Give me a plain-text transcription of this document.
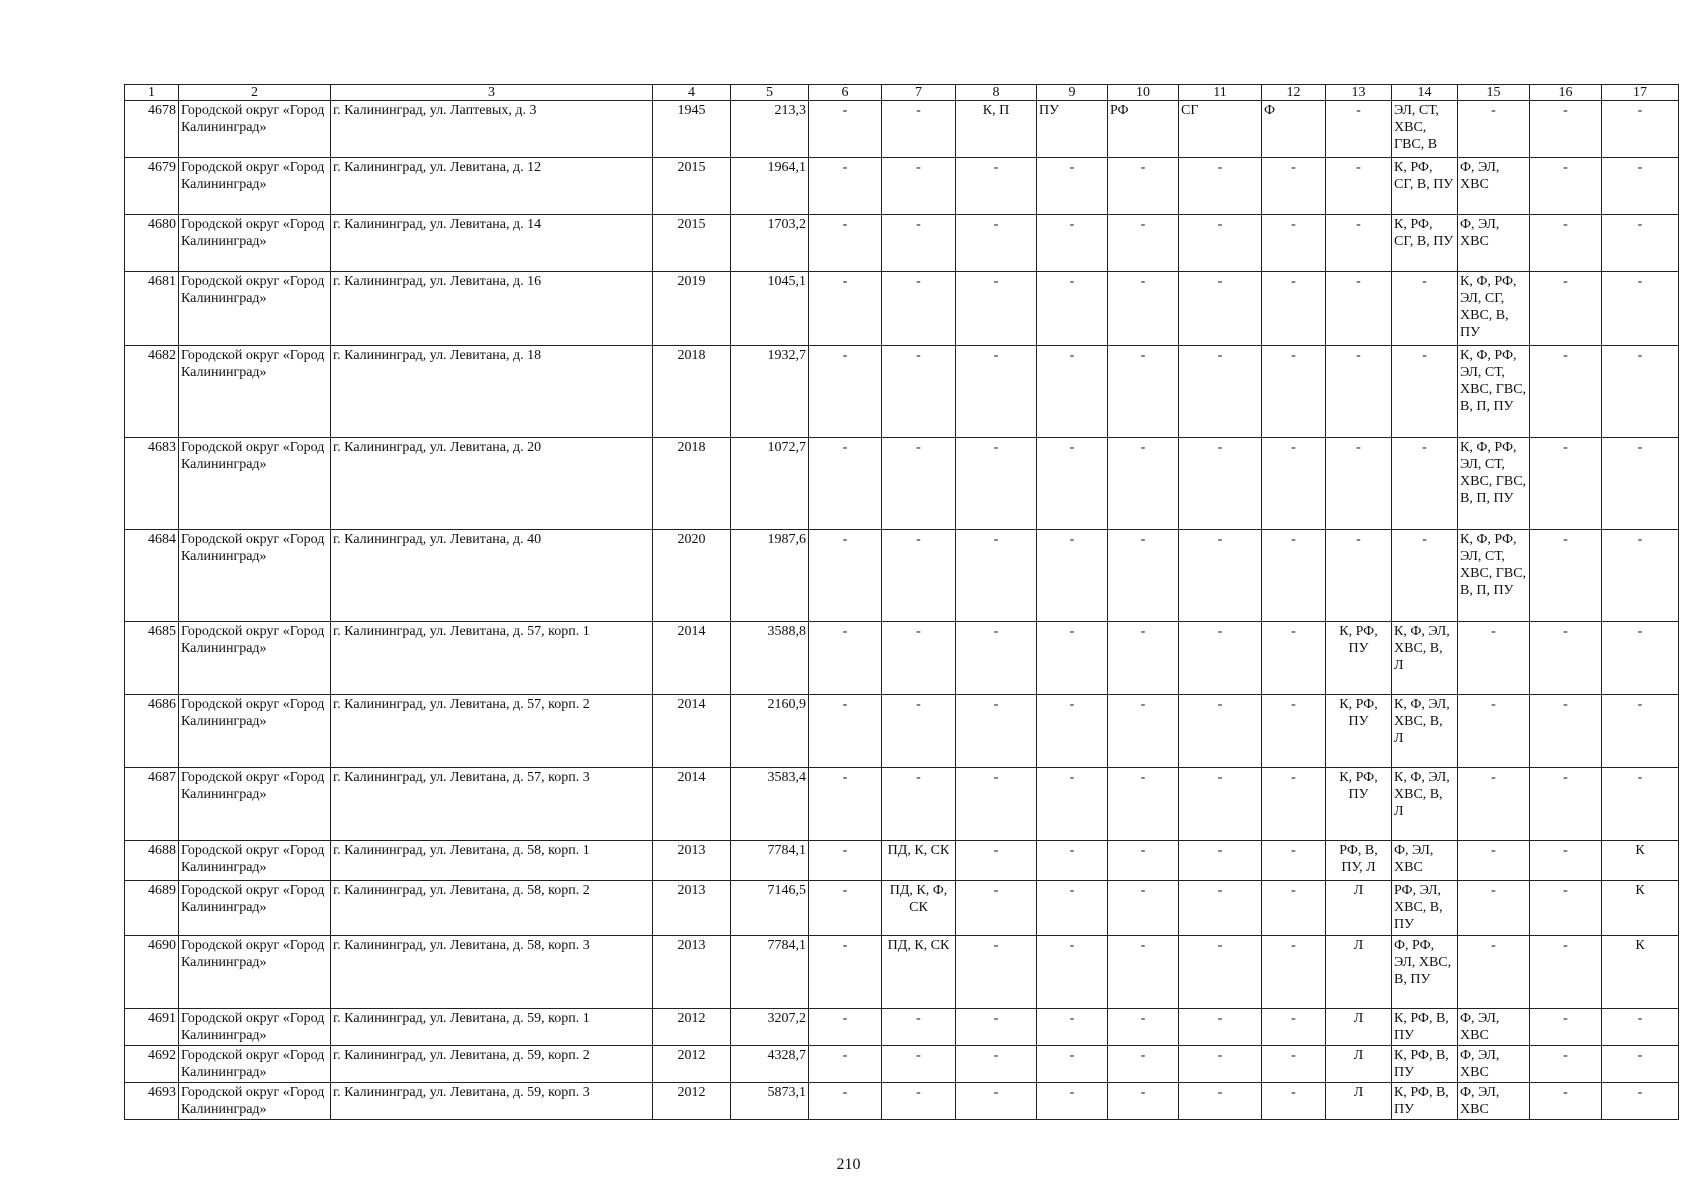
1	2	3	4	5	6	7	8	9	10	11	12	13	14	15	16	17
4678	Городской округ «Город Калининград»	г. Калининград, ул. Лаптевых, д. 3	1945	213,3	-	-	К, П	ПУ	РФ	СГ	Ф	-	ЭЛ, СТ, ХВС, ГВС, В	-	-	-
4679	Городской округ «Город Калининград»	г. Калининград, ул. Левитана, д. 12	2015	1964,1	-	-	-	-	-	-	-	-	К, РФ, СГ, В, ПУ	Ф, ЭЛ, ХВС	-	-
4680	Городской округ «Город Калининград»	г. Калининград, ул. Левитана, д. 14	2015	1703,2	-	-	-	-	-	-	-	-	К, РФ, СГ, В, ПУ	Ф, ЭЛ, ХВС	-	-
4681	Городской округ «Город Калининград»	г. Калининград, ул. Левитана, д. 16	2019	1045,1	-	-	-	-	-	-	-	-	-	К, Ф, РФ, ЭЛ, СГ, ХВС, В, ПУ	-	-
4682	Городской округ «Город Калининград»	г. Калининград, ул. Левитана, д. 18	2018	1932,7	-	-	-	-	-	-	-	-	-	К, Ф, РФ, ЭЛ, СТ, ХВС, ГВС, В, П, ПУ	-	-
4683	Городской округ «Город Калининград»	г. Калининград, ул. Левитана, д. 20	2018	1072,7	-	-	-	-	-	-	-	-	-	К, Ф, РФ, ЭЛ, СТ, ХВС, ГВС, В, П, ПУ	-	-
4684	Городской округ «Город Калининград»	г. Калининград, ул. Левитана, д. 40	2020	1987,6	-	-	-	-	-	-	-	-	-	К, Ф, РФ, ЭЛ, СТ, ХВС, ГВС, В, П, ПУ	-	-
4685	Городской округ «Город Калининград»	г. Калининград, ул. Левитана, д. 57, корп. 1	2014	3588,8	-	-	-	-	-	-	-	К, РФ, ПУ	К, Ф, ЭЛ, ХВС, В, Л	-	-	-
4686	Городской округ «Город Калининград»	г. Калининград, ул. Левитана, д. 57, корп. 2	2014	2160,9	-	-	-	-	-	-	-	К, РФ, ПУ	К, Ф, ЭЛ, ХВС, В, Л	-	-	-
4687	Городской округ «Город Калининград»	г. Калининград, ул. Левитана, д. 57, корп. 3	2014	3583,4	-	-	-	-	-	-	-	К, РФ, ПУ	К, Ф, ЭЛ, ХВС, В, Л	-	-	-
4688	Городской округ «Город Калининград»	г. Калининград, ул. Левитана, д. 58, корп. 1	2013	7784,1	-	ПД, К, СК	-	-	-	-	-	РФ, В, ПУ, Л	Ф, ЭЛ, ХВС	-	-	К
4689	Городской округ «Город Калининград»	г. Калининград, ул. Левитана, д. 58, корп. 2	2013	7146,5	-	ПД, К, Ф, СК	-	-	-	-	-	Л	РФ, ЭЛ, ХВС, В, ПУ	-	-	К
4690	Городской округ «Город Калининград»	г. Калининград, ул. Левитана, д. 58, корп. 3	2013	7784,1	-	ПД, К, СК	-	-	-	-	-	Л	Ф, РФ, ЭЛ, ХВС, В, ПУ	-	-	К
4691	Городской округ «Город Калининград»	г. Калининград, ул. Левитана, д. 59, корп. 1	2012	3207,2	-	-	-	-	-	-	-	Л	К, РФ, В, ПУ	Ф, ЭЛ, ХВС	-	-
4692	Городской округ «Город Калининград»	г. Калининград, ул. Левитана, д. 59, корп. 2	2012	4328,7	-	-	-	-	-	-	-	Л	К, РФ, В, ПУ	Ф, ЭЛ, ХВС	-	-
4693	Городской округ «Город Калининград»	г. Калининград, ул. Левитана, д. 59, корп. 3	2012	5873,1	-	-	-	-	-	-	-	Л	К, РФ, В, ПУ	Ф, ЭЛ, ХВС	-	-
210
